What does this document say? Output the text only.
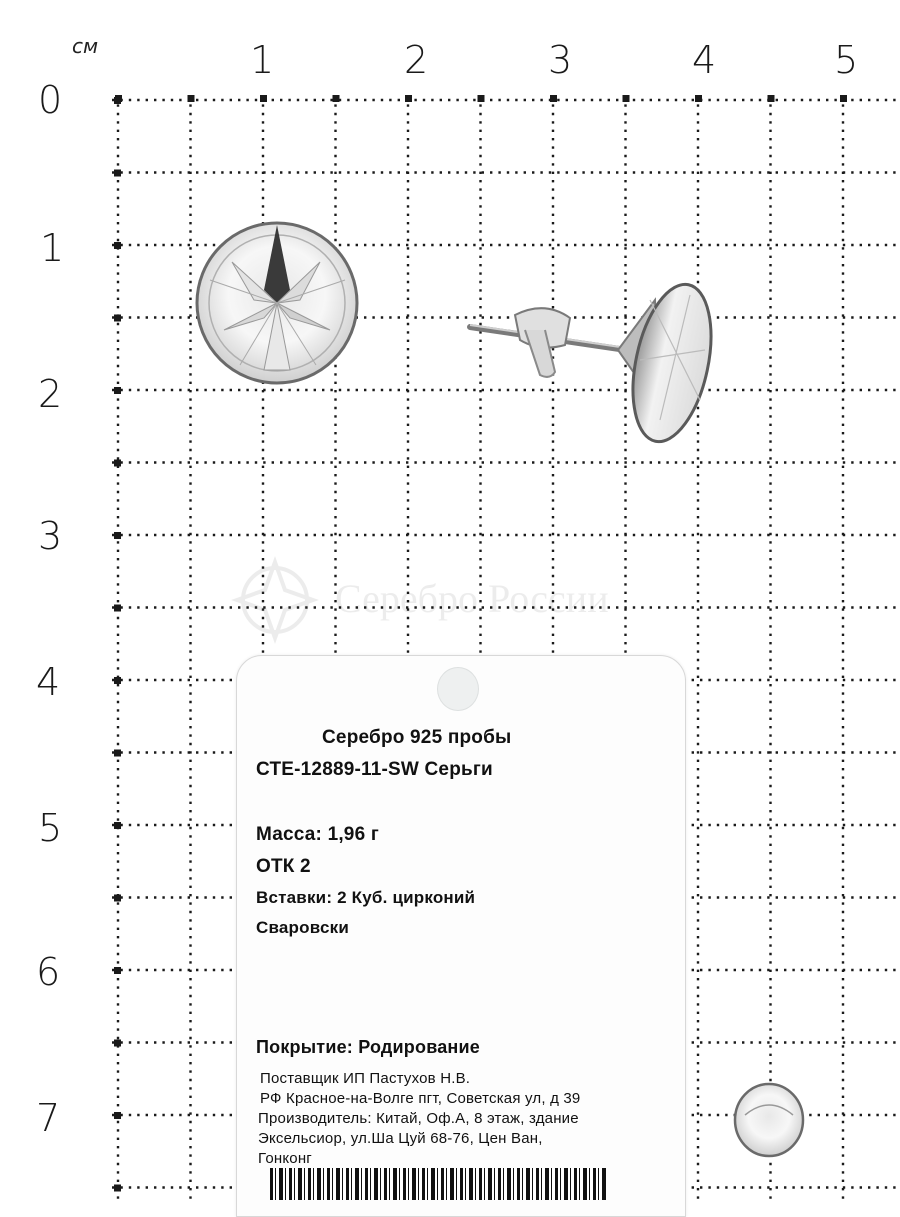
Серебро России
см	1	2	3	4	5
0
1
2
3
4
5
6
7
Серебро 925 пробы
СТЕ-12889-11-SW Серьги
Масса: 1,96 г
ОТК 2
Вставки: 2 Куб. цирконий
Сваровски
Покрытие: Родирование
Поставщик ИП Пастухов Н.В.
РФ Красное-на-Волге пгт, Советская ул, д 39
Производитель: Китай, Оф.А, 8 этаж, здание
Эксельсиор, ул.Ша Цуй 68-76, Цен Ван,
Гонконг
